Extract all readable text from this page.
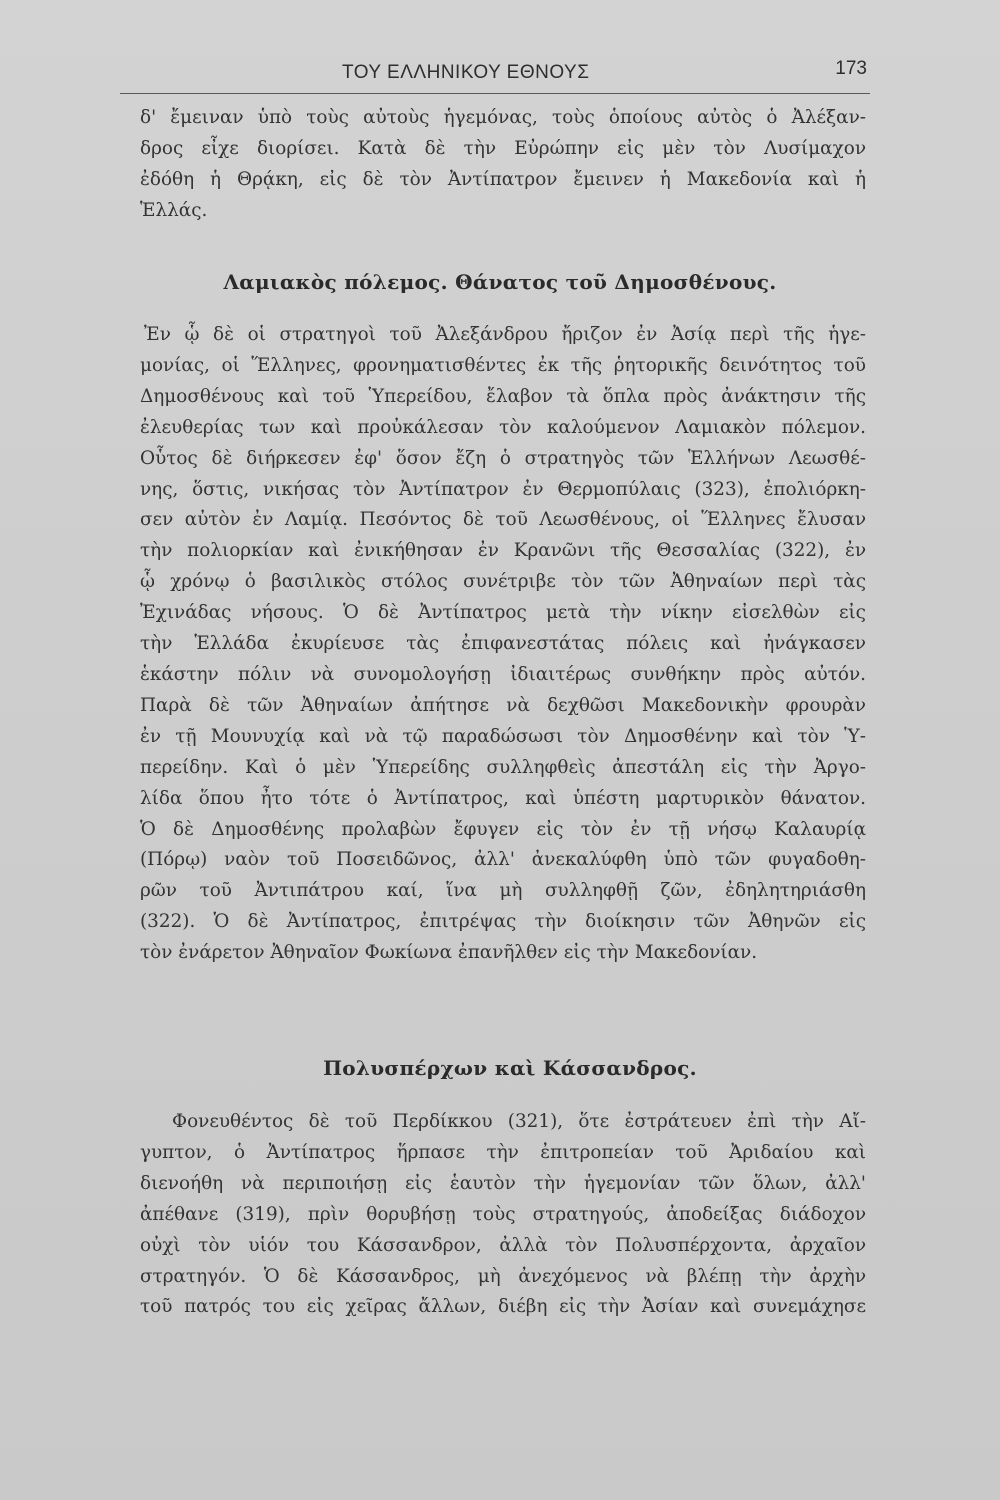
ΤΟΥ ΕΛΛΗΝΙΚΟΥ ΕΘΝΟΥΣ	173
δ' ἔμειναν ὑπὸ τοὺς αὐτοὺς ἡγεμόνας, τοὺς ὁποίους αὐτὸς ὁ Ἀλέξαν-
δρος εἶχε διορίσει. Κατὰ δὲ τὴν Εὐρώπην εἰς μὲν τὸν Λυσίμαχον
ἐδόθη ἡ Θρᾴκη, εἰς δὲ τὸν Ἀντίπατρον ἔμεινεν ἡ Μακεδονία καὶ ἡ
Ἑλλάς.
Λαμιακὸς πόλεμος. Θάνατος τοῦ Δημοσθένους.
Ἐν ᾧ δὲ οἱ στρατηγοὶ τοῦ Ἀλεξάνδρου ἤριζον ἐν Ἀσίᾳ περὶ τῆς ἡγε-
μονίας, οἱ Ἕλληνες, φρονηματισθέντες ἐκ τῆς ῥητορικῆς δεινότητος τοῦ
Δημοσθένους καὶ τοῦ Ὑπερείδου, ἔλαβον τὰ ὅπλα πρὸς ἀνάκτησιν τῆς
ἐλευθερίας των καὶ προὐκάλεσαν τὸν καλούμενον Λαμιακὸν πόλεμον.
Οὗτος δὲ διήρκεσεν ἐφ' ὅσον ἔζη ὁ στρατηγὸς τῶν Ἑλλήνων Λεωσθέ-
νης, ὅστις, νικήσας τὸν Ἀντίπατρον ἐν Θερμοπύλαις (323), ἐπολιόρκη-
σεν αὐτὸν ἐν Λαμίᾳ. Πεσόντος δὲ τοῦ Λεωσθένους, οἱ Ἕλληνες ἔλυσαν
τὴν πολιορκίαν καὶ ἐνικήθησαν ἐν Κρανῶνι τῆς Θεσσαλίας (322), ἐν
ᾧ χρόνῳ ὁ βασιλικὸς στόλος συνέτριβε τὸν τῶν Ἀθηναίων περὶ τὰς
Ἐχινάδας νήσους. Ὁ δὲ Ἀντίπατρος μετὰ τὴν νίκην εἰσελθὼν εἰς
τὴν Ἑλλάδα ἐκυρίευσε τὰς ἐπιφανεστάτας πόλεις καὶ ἠνάγκασεν
ἑκάστην πόλιν νὰ συνομολογήσῃ ἰδιαιτέρως συνθήκην πρὸς αὐτόν.
Παρὰ δὲ τῶν Ἀθηναίων ἀπήτησε νὰ δεχθῶσι Μακεδονικὴν φρουρὰν
ἐν τῇ Μουνυχίᾳ καὶ νὰ τῷ παραδώσωσι τὸν Δημοσθένην καὶ τὸν Ὑ-
περείδην. Καὶ ὁ μὲν Ὑπερείδης συλληφθεὶς ἀπεστάλη εἰς τὴν Ἀργο-
λίδα ὅπου ἦτο τότε ὁ Ἀντίπατρος, καὶ ὑπέστη μαρτυρικὸν θάνατον.
Ὁ δὲ Δημοσθένης προλαβὼν ἔφυγεν εἰς τὸν ἐν τῇ νήσῳ Καλαυρίᾳ
(Πόρῳ) ναὸν τοῦ Ποσειδῶνος, ἀλλ' ἀνεκαλύφθη ὑπὸ τῶν φυγαδοθη-
ρῶν τοῦ Ἀντιπάτρου καί, ἵνα μὴ συλληφθῇ ζῶν, ἐδηλητηριάσθη
(322). Ὁ δὲ Ἀντίπατρος, ἐπιτρέψας τὴν διοίκησιν τῶν Ἀθηνῶν εἰς
τὸν ἐνάρετον Ἀθηναῖον Φωκίωνα ἐπανῆλθεν εἰς τὴν Μακεδονίαν.
Πολυσπέρχων καὶ Κάσσανδρος.
Φονευθέντος δὲ τοῦ Περδίκκου (321), ὅτε ἐστράτευεν ἐπὶ τὴν Αἴ-
γυπτον, ὁ Ἀντίπατρος ἥρπασε τὴν ἐπιτροπείαν τοῦ Ἀριδαίου καὶ
διενοήθη νὰ περιποιήσῃ εἰς ἑαυτὸν τὴν ἡγεμονίαν τῶν ὅλων, ἀλλ'
ἀπέθανε (319), πρὶν θορυβήσῃ τοὺς στρατηγούς, ἀποδείξας διάδοχον
οὐχὶ τὸν υἱόν του Κάσσανδρον, ἀλλὰ τὸν Πολυσπέρχοντα, ἀρχαῖον
στρατηγόν. Ὁ δὲ Κάσσανδρος, μὴ ἀνεχόμενος νὰ βλέπῃ τὴν ἀρχὴν
τοῦ πατρός του εἰς χεῖρας ἄλλων, διέβη εἰς τὴν Ἀσίαν καὶ συνεμάχησε
